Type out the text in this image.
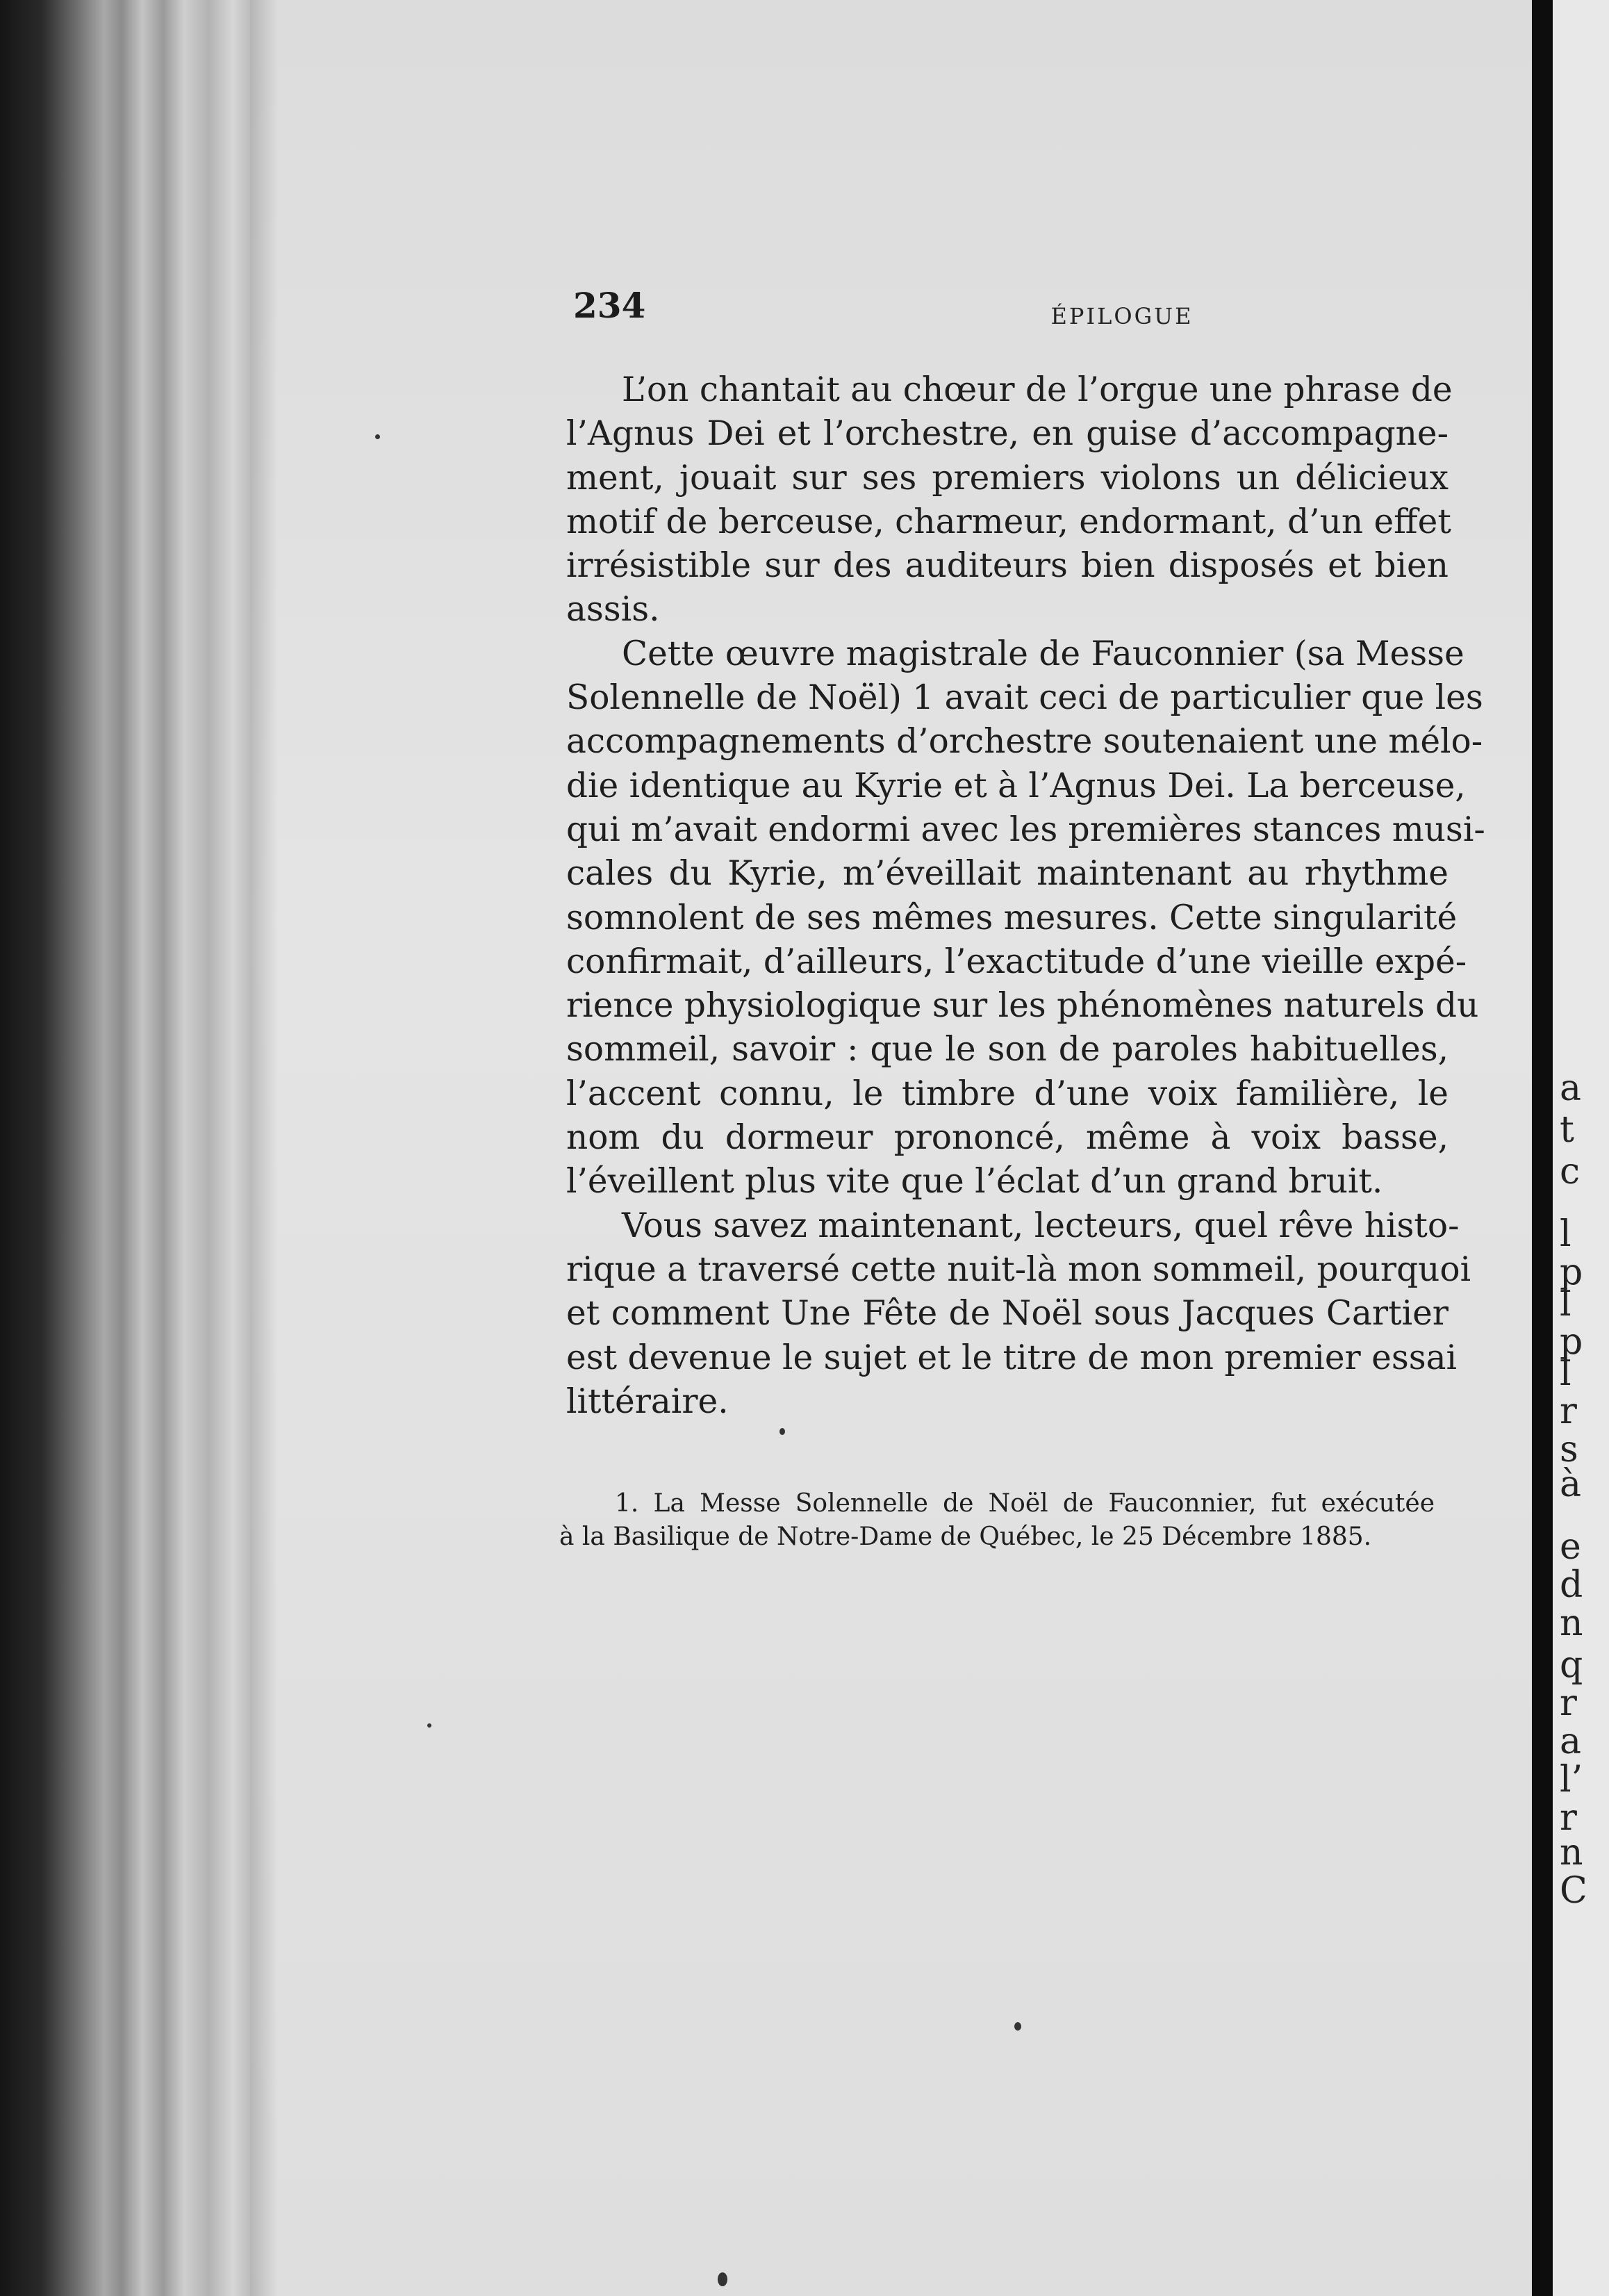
a
t
c
l
p
l
p
l
r
s
à
e
d
n
q
r
a
l’
r
n
C
234	ÉPILOGUE
L’on chantait au chœur de l’orgue une phrase de
l’Agnus Dei et l’orchestre, en guise d’accompagne-
ment, jouait sur ses premiers violons un délicieux
motif de berceuse, charmeur, endormant, d’un effet
irrésistible sur des auditeurs bien disposés et bien
assis.
Cette œuvre magistrale de Fauconnier (sa Messe
Solennelle de Noël) 1 avait ceci de particulier que les
accompagnements d’orchestre soutenaient une mélo-
die identique au Kyrie et à l’Agnus Dei. La berceuse,
qui m’avait endormi avec les premières stances musi-
cales du Kyrie, m’éveillait maintenant au rhythme
somnolent de ses mêmes mesures. Cette singularité
confirmait, d’ailleurs, l’exactitude d’une vieille expé-
rience physiologique sur les phénomènes naturels du
sommeil, savoir : que le son de paroles habituelles,
l’accent connu, le timbre d’une voix familière, le
nom du dormeur prononcé, même à voix basse,
l’éveillent plus vite que l’éclat d’un grand bruit.
Vous savez maintenant, lecteurs, quel rêve histo-
rique a traversé cette nuit-là mon sommeil, pourquoi
et comment Une Fête de Noël sous Jacques Cartier
est devenue le sujet et le titre de mon premier essai
littéraire.
1. La Messe Solennelle de Noël de Fauconnier, fut exécutée
à la Basilique de Notre-Dame de Québec, le 25 Décembre 1885.
